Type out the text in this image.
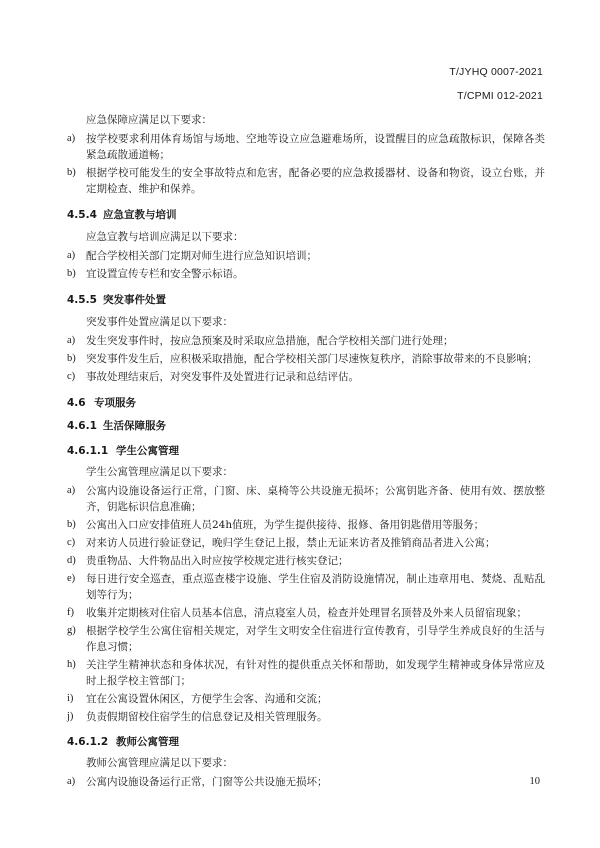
T/JYHQ 0007-2021
T/CPMI 012-2021
应急保障应满足以下要求：
a)	按学校要求利用体育场馆与场地、空地等设立应急避难场所，设置醒目的应急疏散标识，保障各类紧急疏散通道畅；
b) 根据学校可能发生的安全事故特点和危害，配备必要的应急救援器材、设备和物资，设立台账，并定期检查、维护和保养。
4.5.4 应急宣教与培训
应急宣教与培训应满足以下要求：
a)	配合学校相关部门定期对师生进行应急知识培训；
b) 宜设置宣传专栏和安全警示标语。
4.5.5 突发事件处置
突发事件处置应满足以下要求：
a)	发生突发事件时，按应急预案及时采取应急措施，配合学校相关部门进行处理；
b) 突发事件发生后，应积极采取措施，配合学校相关部门尽速恢复秩序，消除事故带来的不良影响；
c)	事故处理结束后，对突发事件及处置进行记录和总结评估。
4.6 专项服务
4.6.1 生活保障服务
4.6.1.1 学生公寓管理
学生公寓管理应满足以下要求：
a)	公寓内设施设备运行正常，门窗、床、桌椅等公共设施无损坏；公寓钥匙齐备、使用有效、摆放整齐，钥匙标识信息准确；
b) 公寓出入口应安排值班人员24h值班，为学生提供接待、报修、备用钥匙借用等服务；
c)	对来访人员进行验证登记，晚归学生登记上报，禁止无证来访者及推销商品者进入公寓；
d) 贵重物品、大件物品出入时应按学校规定进行核实登记；
e)	每日进行安全巡查，重点巡查楼宇设施、学生住宿及消防设施情况，制止违章用电、焚烧、乱贴乱划等行为；
f)	收集并定期核对住宿人员基本信息，清点寝室人员，检查并处理冒名顶替及外来人员留宿现象；
g) 根据学校学生公寓住宿相关规定，对学生文明安全住宿进行宣传教育，引导学生养成良好的生活与作息习惯；
h) 关注学生精神状态和身体状况，有针对性的提供重点关怀和帮助，如发现学生精神或身体异常应及时上报学校主管部门；
i)	宜在公寓设置休闲区，方便学生会客、沟通和交流；
j)	负责假期留校住宿学生的信息登记及相关管理服务。
4.6.1.2 教师公寓管理
教师公寓管理应满足以下要求：
a)	公寓内设施设备运行正常，门窗等公共设施无损坏；	10
